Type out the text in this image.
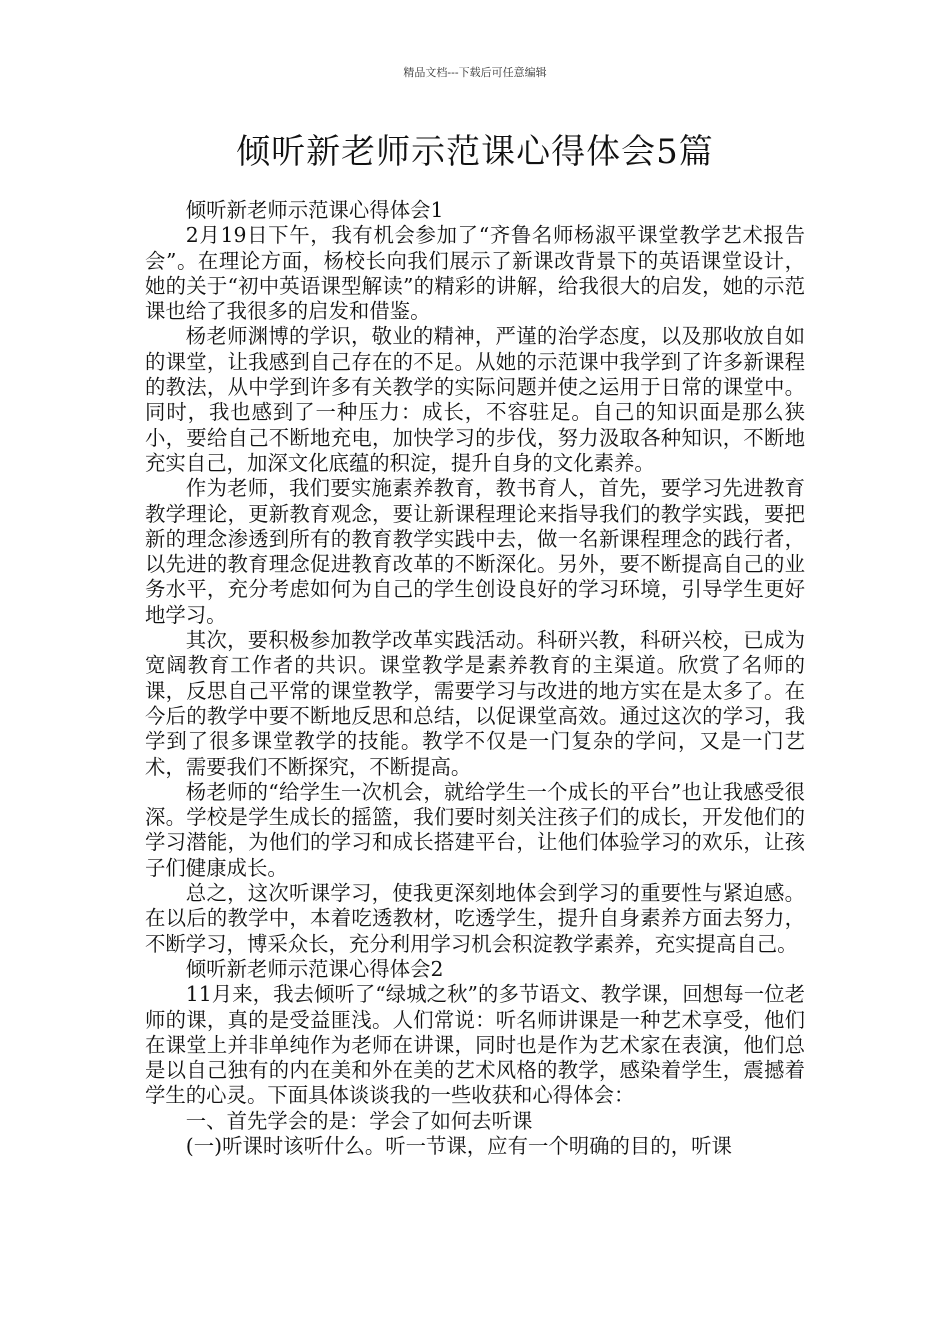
精品文档---下载后可任意编辑
倾听新老师示范课心得体会5篇

倾听新老师示范课心得体会1

2月19日下午，我有机会参加了“齐鲁名师杨淑平课堂教学艺术报告会”。在理论方面，杨校长向我们展示了新课改背景下的英语课堂设计，她的关于“初中英语课型解读”的精彩的讲解，给我很大的启发，她的示范课也给了我很多的启发和借鉴。

杨老师渊博的学识，敬业的精神，严谨的治学态度，以及那收放自如的课堂，让我感到自己存在的不足。从她的示范课中我学到了许多新课程的教法，从中学到许多有关教学的实际问题并使之运用于日常的课堂中。同时，我也感到了一种压力：成长，不容驻足。自己的知识面是那么狭小，要给自己不断地充电，加快学习的步伐，努力汲取各种知识，不断地充实自己，加深文化底蕴的积淀，提升自身的文化素养。

作为老师，我们要实施素养教育，教书育人，首先，要学习先进教育教学理论，更新教育观念，要让新课程理论来指导我们的教学实践，要把新的理念渗透到所有的教育教学实践中去，做一名新课程理念的践行者，以先进的教育理念促进教育改革的不断深化。另外，要不断提高自己的业务水平，充分考虑如何为自己的学生创设良好的学习环境，引导学生更好地学习。

其次，要积极参加教学改革实践活动。科研兴教，科研兴校，已成为宽阔教育工作者的共识。课堂教学是素养教育的主渠道。欣赏了名师的课，反思自己平常的课堂教学，需要学习与改进的地方实在是太多了。在今后的教学中要不断地反思和总结，以促课堂高效。通过这次的学习，我学到了很多课堂教学的技能。教学不仅是一门复杂的学问，又是一门艺术，需要我们不断探究，不断提高。

杨老师的“给学生一次机会，就给学生一个成长的平台”也让我感受很深。学校是学生成长的摇篮，我们要时刻关注孩子们的成长，开发他们的学习潜能，为他们的学习和成长搭建平台，让他们体验学习的欢乐，让孩子们健康成长。

总之，这次听课学习，使我更深刻地体会到学习的重要性与紧迫感。在以后的教学中，本着吃透教材，吃透学生，提升自身素养方面去努力，不断学习，博采众长，充分利用学习机会积淀教学素养，充实提高自己。

倾听新老师示范课心得体会2

11月来，我去倾听了“绿城之秋”的多节语文、教学课，回想每一位老师的课，真的是受益匪浅。人们常说：听名师讲课是一种艺术享受，他们在课堂上并非单纯作为老师在讲课，同时也是作为艺术家在表演，他们总是以自己独有的内在美和外在美的艺术风格的教学，感染着学生，震撼着学生的心灵。下面具体谈谈我的一些收获和心得体会：

一、首先学会的是：学会了如何去听课

(一)听课时该听什么。听一节课，应有一个明确的目的，听课
